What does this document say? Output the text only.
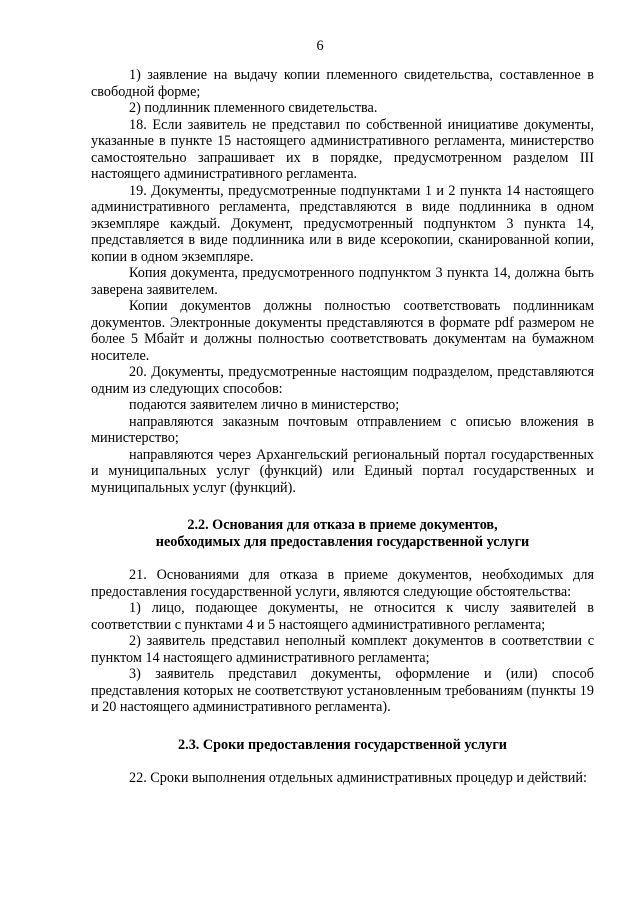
6

1) заявление на выдачу копии племенного свидетельства, составленное в свободной форме;

2) подлинник племенного свидетельства.

18. Если заявитель не представил по собственной инициативе документы, указанные в пункте 15 настоящего административного регламента, министерство самостоятельно запрашивает их в порядке, предусмотренном разделом III настоящего административного регламента.

19. Документы, предусмотренные подпунктами 1 и 2 пункта 14 настоящего административного регламента, представляются в виде подлинника в одном экземпляре каждый. Документ, предусмотренный подпунктом 3 пункта 14, представляется в виде подлинника или в виде ксерокопии, сканированной копии, копии в одном экземпляре.

Копия документа, предусмотренного подпунктом 3 пункта 14, должна быть заверена заявителем.

Копии документов должны полностью соответствовать подлинникам документов. Электронные документы представляются в формате pdf размером не более 5 Мбайт и должны полностью соответствовать документам на бумажном носителе.

20. Документы, предусмотренные настоящим подразделом, представляются одним из следующих способов:

подаются заявителем лично в министерство;

направляются заказным почтовым отправлением с описью вложения в министерство;

направляются через Архангельский региональный портал государственных и муниципальных услуг (функций) или Единый портал государственных и муниципальных услуг (функций).

2.2. Основания для отказа в приеме документов,

необходимых для предоставления государственной услуги

21. Основаниями для отказа в приеме документов, необходимых для предоставления государственной услуги, являются следующие обстоятельства:

1) лицо, подающее документы, не относится к числу заявителей в соответствии с пунктами 4 и 5 настоящего административного регламента;

2) заявитель представил неполный комплект документов в соответствии с пунктом 14 настоящего административного регламента;

3) заявитель представил документы, оформление и (или) способ представления которых не соответствуют установленным требованиям (пункты 19 и 20 настоящего административного регламента).

2.3. Сроки предоставления государственной услуги

22. Сроки выполнения отдельных административных процедур и действий:
